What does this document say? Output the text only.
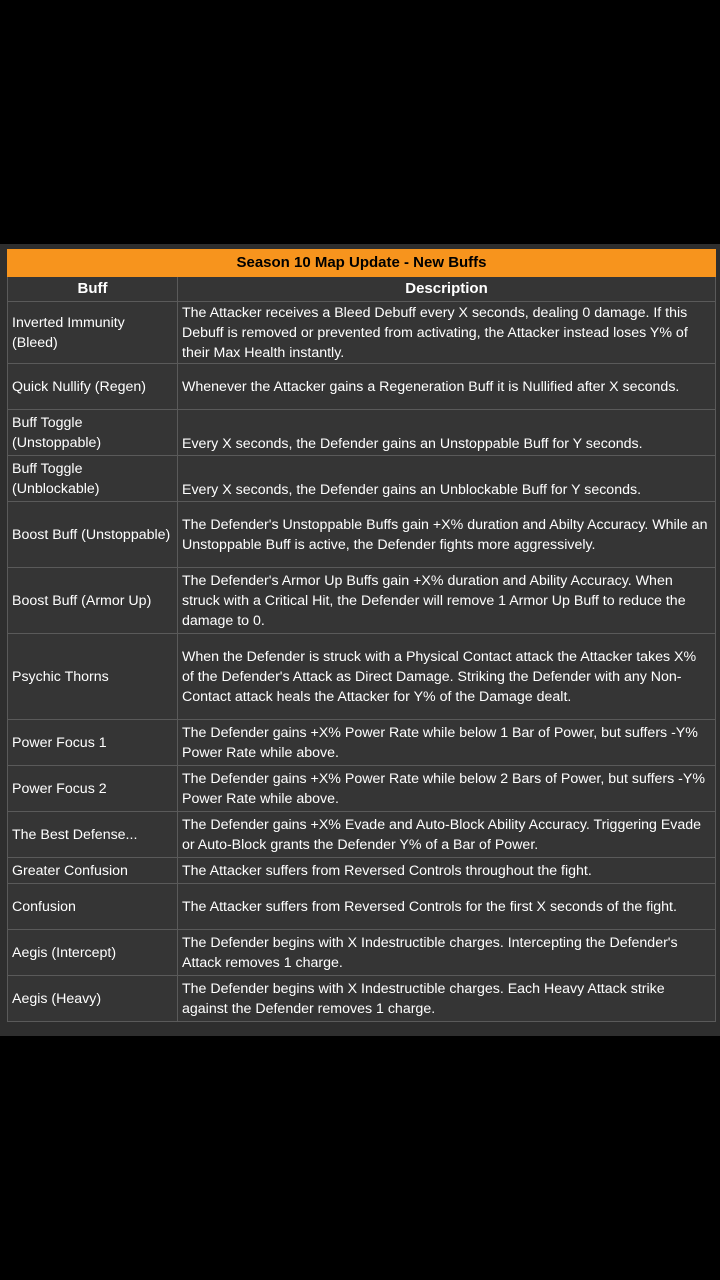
Season 10 Map Update - New Buffs	
Buff	Description
Inverted Immunity (Bleed)	The Attacker receives a Bleed Debuff every X seconds, dealing 0 damage. If this Debuff is removed or prevented from activating, the Attacker instead loses Y% of their Max Health instantly.
Quick Nullify (Regen)	Whenever the Attacker gains a Regeneration Buff it is Nullified after X seconds.
Buff Toggle (Unstoppable)	Every X seconds, the Defender gains an Unstoppable Buff for Y seconds.
Buff Toggle (Unblockable)	Every X seconds, the Defender gains an Unblockable Buff for Y seconds.
Boost Buff (Unstoppable)	The Defender's Unstoppable Buffs gain +X% duration and Abilty Accuracy. While an Unstoppable Buff is active, the Defender fights more aggressively.
Boost Buff (Armor Up)	The Defender's Armor Up Buffs gain +X% duration and Ability Accuracy. When struck with a Critical Hit, the Defender will remove 1 Armor Up Buff to reduce the damage to 0.
Psychic Thorns	When the Defender is struck with a Physical Contact attack the Attacker takes X% of the Defender's Attack as Direct Damage. Striking the Defender with any Non-Contact attack heals the Attacker for Y% of the Damage dealt.
Power Focus 1	The Defender gains +X% Power Rate while below 1 Bar of Power, but suffers -Y% Power Rate while above.
Power Focus 2	The Defender gains +X% Power Rate while below 2 Bars of Power, but suffers -Y% Power Rate while above.
The Best Defense...	The Defender gains +X% Evade and Auto-Block Ability Accuracy. Triggering Evade or Auto-Block grants the Defender Y% of a Bar of Power.
Greater Confusion	The Attacker suffers from Reversed Controls throughout the fight.
Confusion	The Attacker suffers from Reversed Controls for the first X seconds of the fight.
Aegis (Intercept)	The Defender begins with X Indestructible charges. Intercepting the Defender's Attack removes 1 charge.
Aegis (Heavy)	The Defender begins with X Indestructible charges. Each Heavy Attack strike against the Defender removes 1 charge.
